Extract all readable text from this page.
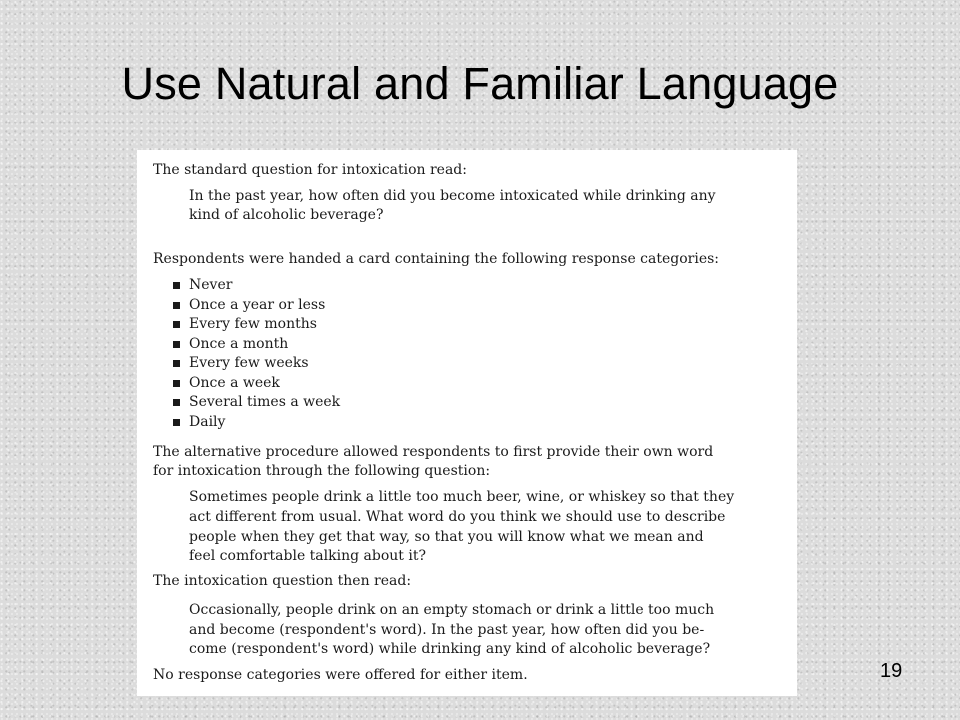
Use Natural and Familiar Language
The standard question for intoxication read:
In the past year, how often did you become intoxicated while drinking any
kind of alcoholic beverage?
Respondents were handed a card containing the following response categories:
Never
Once a year or less
Every few months
Once a month
Every few weeks
Once a week
Several times a week
Daily
The alternative procedure allowed respondents to first provide their own word
for intoxication through the following question:
Sometimes people drink a little too much beer, wine, or whiskey so that they
act different from usual. What word do you think we should use to describe
people when they get that way, so that you will know what we mean and
feel comfortable talking about it?
The intoxication question then read:
Occasionally, people drink on an empty stomach or drink a little too much
and become (respondent's word). In the past year, how often did you be-
come (respondent's word) while drinking any kind of alcoholic beverage?
No response categories were offered for either item.	19
